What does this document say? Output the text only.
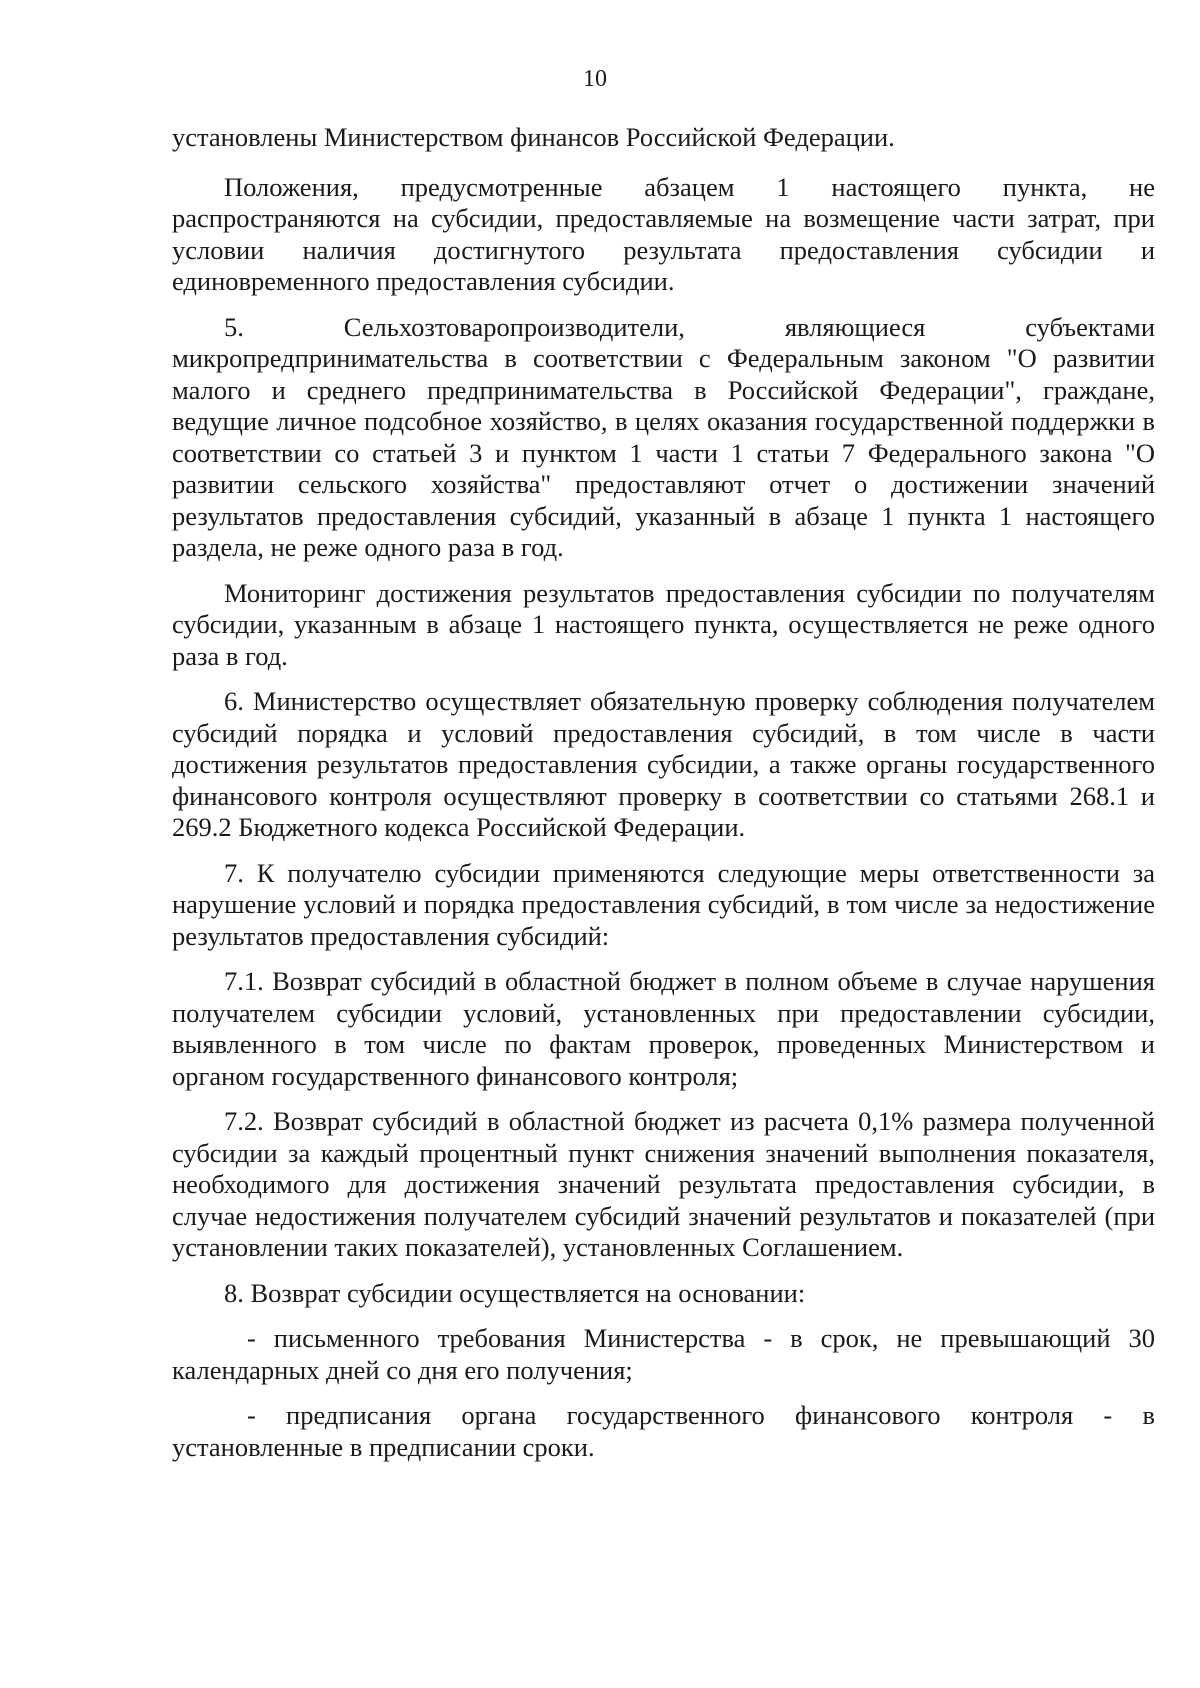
10

установлены Министерством финансов Российской Федерации.

Положения, предусмотренные абзацем 1 настоящего пункта, не распространяются на субсидии, предоставляемые на возмещение части затрат, при условии наличия достигнутого результата предоставления субсидии и единовременного предоставления субсидии.

5. Сельхозтоваропроизводители, являющиеся субъектами микропредпринимательства в соответствии с Федеральным законом "О развитии малого и среднего предпринимательства в Российской Федерации", граждане, ведущие личное подсобное хозяйство, в целях оказания государственной поддержки в соответствии со статьей 3 и пунктом 1 части 1 статьи 7 Федерального закона "О развитии сельского хозяйства" предоставляют отчет о достижении значений результатов предоставления субсидий, указанный в абзаце 1 пункта 1 настоящего раздела, не реже одного раза в год.

Мониторинг достижения результатов предоставления субсидии по получателям субсидии, указанным в абзаце 1 настоящего пункта, осуществляется не реже одного раза в год.

6. Министерство осуществляет обязательную проверку соблюдения получателем субсидий порядка и условий предоставления субсидий, в том числе в части достижения результатов предоставления субсидии, а также органы государственного финансового контроля осуществляют проверку в соответствии со статьями 268.1 и 269.2 Бюджетного кодекса Российской Федерации.

7. К получателю субсидии применяются следующие меры ответственности за нарушение условий и порядка предоставления субсидий, в том числе за недостижение результатов предоставления субсидий:

7.1. Возврат субсидий в областной бюджет в полном объеме в случае нарушения получателем субсидии условий, установленных при предоставлении субсидии, выявленного в том числе по фактам проверок, проведенных Министерством и органом государственного финансового контроля;

7.2. Возврат субсидий в областной бюджет из расчета 0,1% размера полученной субсидии за каждый процентный пункт снижения значений выполнения показателя, необходимого для достижения значений результата предоставления субсидии, в случае недостижения получателем субсидий значений результатов и показателей (при установлении таких показателей), установленных Соглашением.

8. Возврат субсидии осуществляется на основании:

- письменного требования Министерства - в срок, не превышающий 30 календарных дней со дня его получения;

- предписания органа государственного финансового контроля - в установленные в предписании сроки.
